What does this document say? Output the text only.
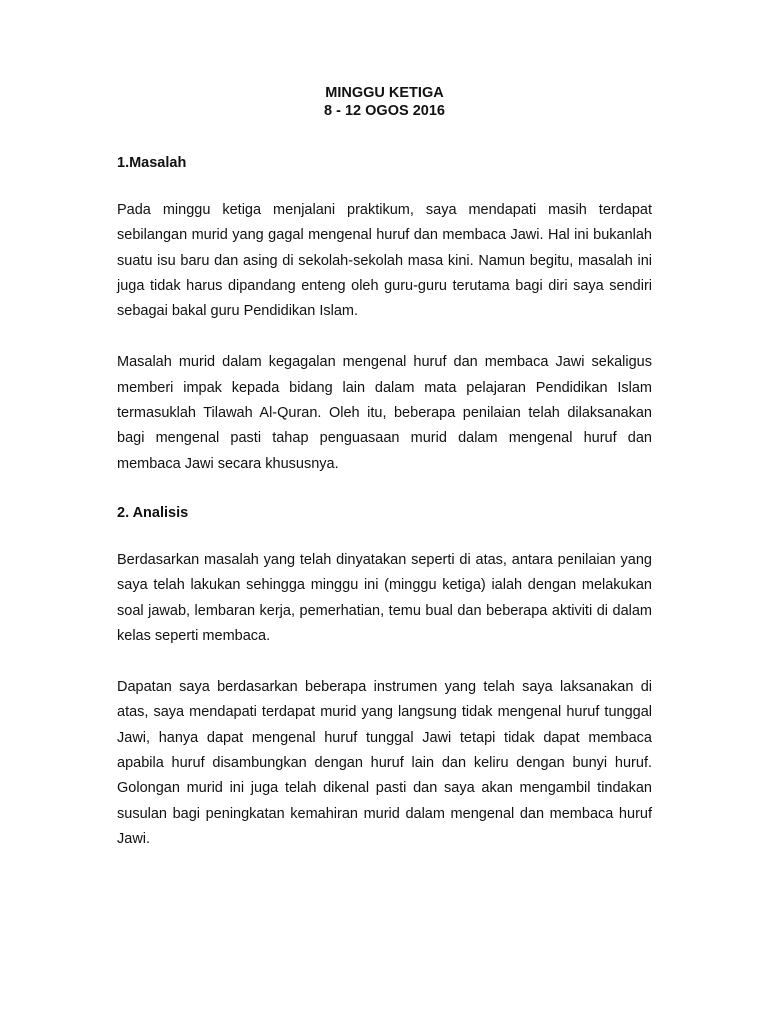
MINGGU KETIGA
8 - 12 OGOS 2016
1.Masalah

Pada minggu ketiga menjalani praktikum, saya mendapati masih terdapat sebilangan murid yang gagal mengenal huruf dan membaca Jawi. Hal ini bukanlah suatu isu baru dan asing di sekolah-sekolah masa kini. Namun begitu, masalah ini juga tidak harus dipandang enteng oleh guru-guru terutama bagi diri saya sendiri sebagai bakal guru Pendidikan Islam.

Masalah murid dalam kegagalan mengenal huruf dan membaca Jawi sekaligus memberi impak kepada bidang lain dalam mata pelajaran Pendidikan Islam termasuklah Tilawah Al-Quran. Oleh itu, beberapa penilaian telah dilaksanakan bagi mengenal pasti tahap penguasaan murid dalam mengenal huruf dan membaca Jawi secara khususnya.

2. Analisis

Berdasarkan masalah yang telah dinyatakan seperti di atas, antara penilaian yang saya telah lakukan sehingga minggu ini (minggu ketiga) ialah dengan melakukan soal jawab, lembaran kerja, pemerhatian, temu bual dan beberapa aktiviti di dalam kelas seperti membaca.

Dapatan saya berdasarkan beberapa instrumen yang telah saya laksanakan di atas, saya mendapati terdapat murid yang langsung tidak mengenal huruf tunggal Jawi, hanya dapat mengenal huruf tunggal Jawi tetapi tidak dapat membaca apabila huruf disambungkan dengan huruf lain dan keliru dengan bunyi huruf. Golongan murid ini juga telah dikenal pasti dan saya akan mengambil tindakan susulan bagi peningkatan kemahiran murid dalam mengenal dan membaca huruf Jawi.
